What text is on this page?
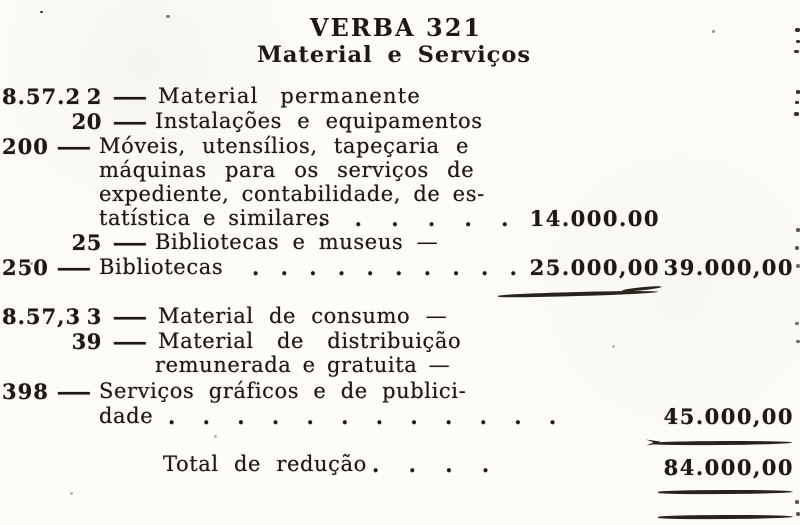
VERBA 321
Material e Serviços
8.57.2 2 — Material permanente
20 — Instalações e equipamentos
200 — Móveis, utensílios, tapeçaria e
máquinas para os serviços de
expediente, contabilidade, de es-
tatística e similares
. . . . . . 14.000.00
25 — Bibliotecas e museus —
250 — Bibliotecas . . . . . . . . . . 25.000,00 39.000,00
8.57,3 3 — Material de consumo —
39 — Material de distribuição
remunerada e gratuita —
398 — Serviços gráficos e de publici-
dade . . . . . . . . . . . .	45.000,00
Total de redução . . . .	84.000,00
